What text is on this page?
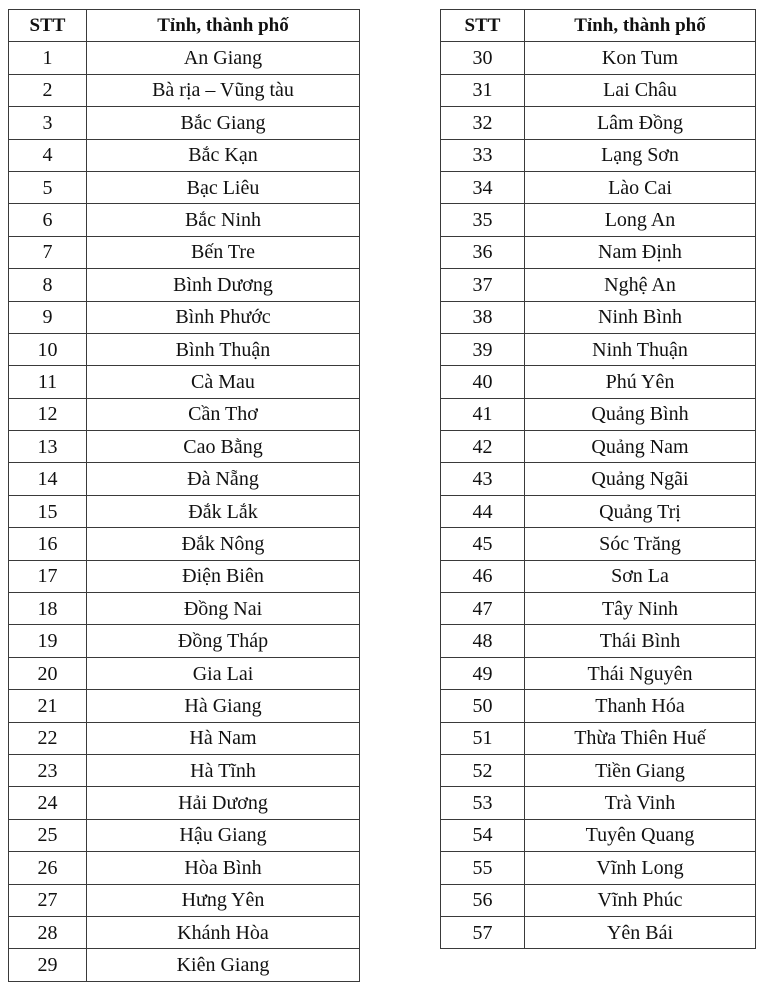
STT	Tỉnh, thành phố
1	An Giang
2	Bà rịa – Vũng tàu
3	Bắc Giang
4	Bắc Kạn
5	Bạc Liêu
6	Bắc Ninh
7	Bến Tre
8	Bình Dương
9	Bình Phước
10	Bình Thuận
11	Cà Mau
12	Cần Thơ
13	Cao Bằng
14	Đà Nẵng
15	Đắk Lắk
16	Đắk Nông
17	Điện Biên
18	Đồng Nai
19	Đồng Tháp
20	Gia Lai
21	Hà Giang
22	Hà Nam
23	Hà Tĩnh
24	Hải Dương
25	Hậu Giang
26	Hòa Bình
27	Hưng Yên
28	Khánh Hòa
29	Kiên Giang
STT	Tỉnh, thành phố
30	Kon Tum
31	Lai Châu
32	Lâm Đồng
33	Lạng Sơn
34	Lào Cai
35	Long An
36	Nam Định
37	Nghệ An
38	Ninh Bình
39	Ninh Thuận
40	Phú Yên
41	Quảng Bình
42	Quảng Nam
43	Quảng Ngãi
44	Quảng Trị
45	Sóc Trăng
46	Sơn La
47	Tây Ninh
48	Thái Bình
49	Thái Nguyên
50	Thanh Hóa
51	Thừa Thiên Huế
52	Tiền Giang
53	Trà Vinh
54	Tuyên Quang
55	Vĩnh Long
56	Vĩnh Phúc
57	Yên Bái
